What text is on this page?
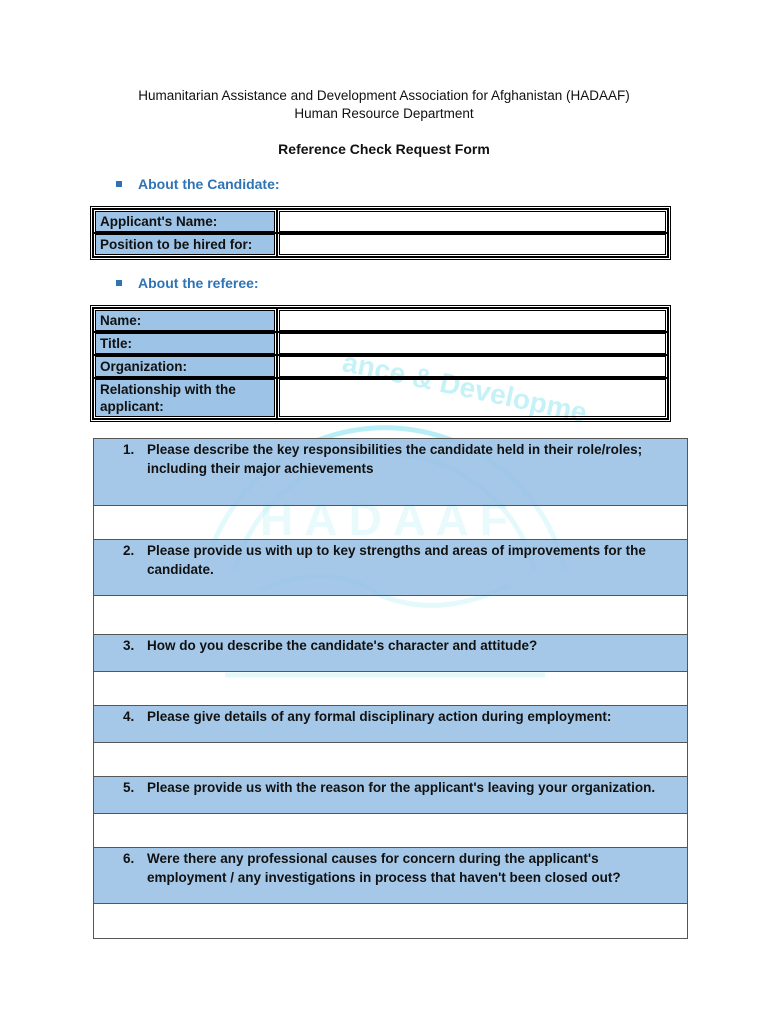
Humanitarian Assistance and Development Association for Afghanistan (HADAAF)
Human Resource Department
Reference Check Request Form
ance & Developme
About the Candidate:
Applicant's Name:
Position to be hired for:
About the referee:
Name:
Title:
Organization:
Relationship with the applicant:
1. Please describe the key responsibilities the candidate held in their role/roles; including their major achievements
2. Please provide us with up to key strengths and areas of improvements for the candidate.
3. How do you describe the candidate's character and attitude?
4. Please give details of any formal disciplinary action during employment:
5. Please provide us with the reason for the applicant's leaving your organization.
6. Were there any professional causes for concern during the applicant's employment / any investigations in process that haven't been closed out?
